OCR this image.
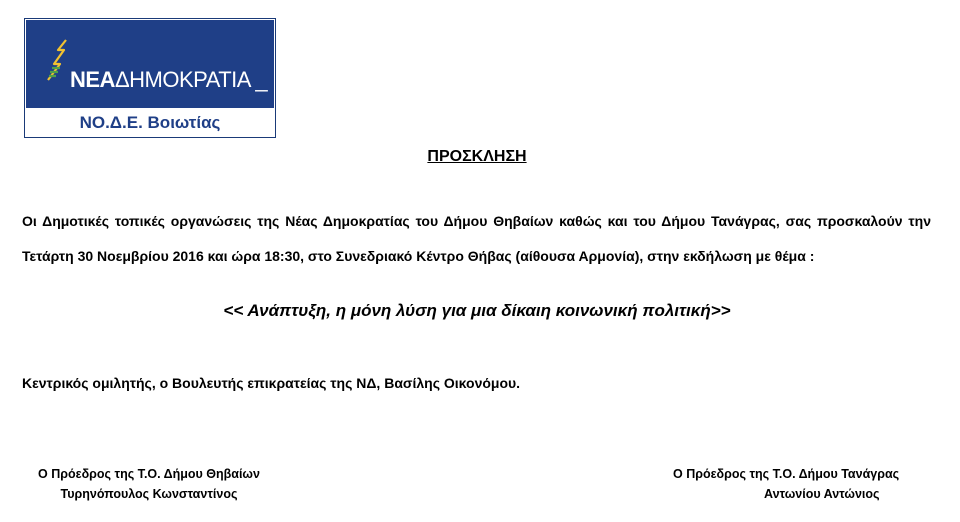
ΝΕΑΔΗΜΟΚΡΑΤΙΑ _
ΝΟ.Δ.Ε. Βοιωτίας
ΠΡΟΣΚΛΗΣΗ

Οι Δημοτικές τοπικές οργανώσεις της Νέας Δημοκρατίας του Δήμου Θηβαίων καθώς και του Δήμου Τανάγρας, σας προσκαλούν την Τετάρτη 30 Νοεμβρίου 2016 και ώρα 18:30, στο Συνεδριακό Κέντρο Θήβας (αίθουσα Αρμονία), στην εκδήλωση με θέμα :

<< Ανάπτυξη, η μόνη λύση για μια δίκαιη κοινωνική πολιτική>>
Κεντρικός ομιλητής, ο Βουλευτής επικρατείας της ΝΔ, Βασίλης Οικονόμου.
Ο Πρόεδρος της Τ.Ο. Δήμου Θηβαίων
Τυρηνόπουλος Κωνσταντίνος
Ο Πρόεδρος της Τ.Ο. Δήμου Τανάγρας
Αντωνίου Αντώνιος
